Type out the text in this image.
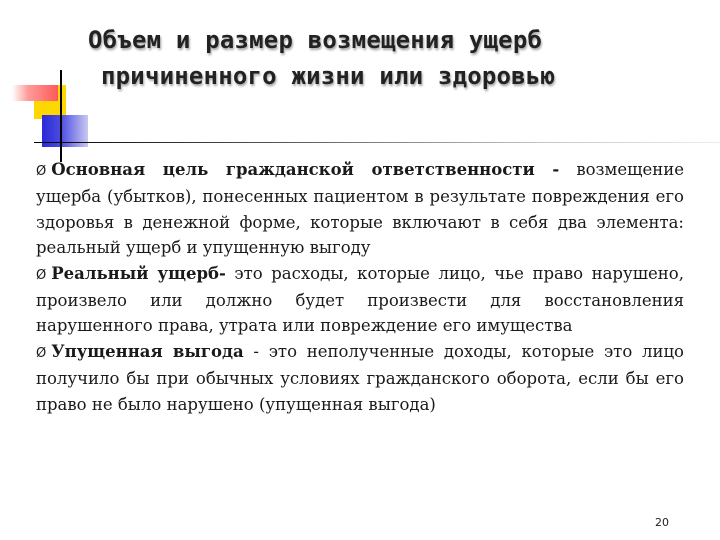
Объем и размер возмещения ущерб
причиненного жизни или здоровью

Ø Основная цель гражданской ответственности - возмещение ущерба (убытков), понесенных пациентом в результате повреждения его здоровья в денежной форме, которые включают в себя два элемента: реальный ущерб и упущенную выгоду

Ø Реальный ущерб- это расходы, которые лицо, чье право нарушено, произвело или должно будет произвести для восстановления нарушенного права, утрата или повреждение его имущества

Ø Упущенная выгода - это неполученные доходы, которые это лицо получило бы при обычных условиях гражданского оборота, если бы его право не было нарушено (упущенная выгода)

20
